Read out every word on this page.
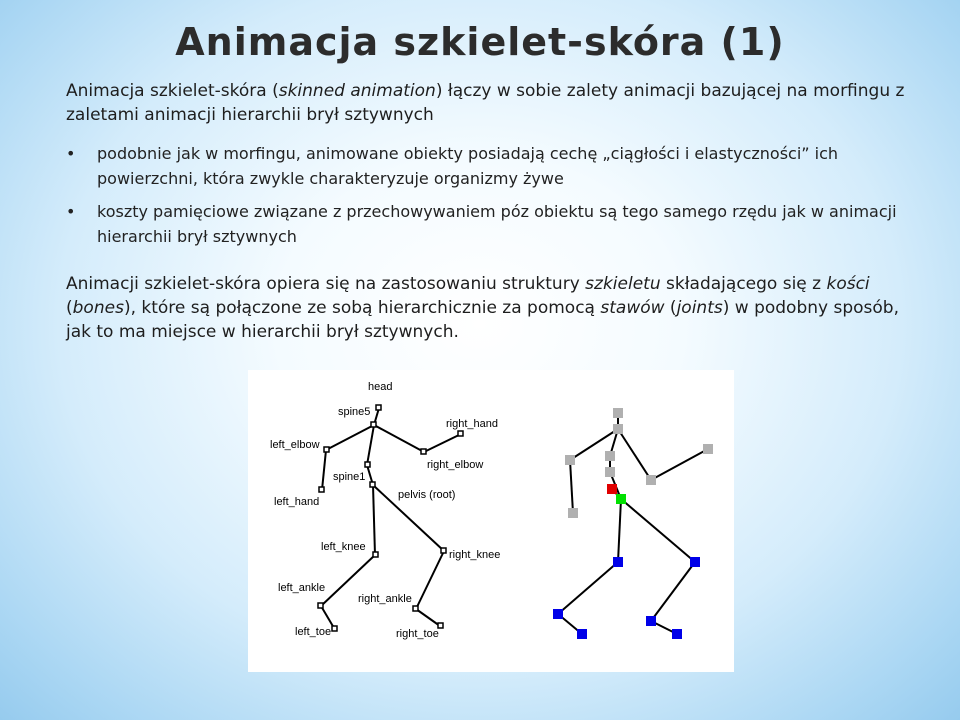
Animacja szkielet-skóra (1)
Animacja szkielet-skóra (skinned animation) łączy w sobie zalety animacji bazującej na morfingu z zaletami animacji hierarchii brył sztywnych
• podobnie jak w morfingu, animowane obiekty posiadają cechę „ciągłości i elastyczności” ich powierzchni, która zwykle charakteryzuje organizmy żywe
• koszty pamięciowe związane z przechowywaniem póz obiektu są tego samego rzędu jak w animacji hierarchii brył sztywnych
Animacji szkielet-skóra opiera się na zastosowaniu struktury szkieletu składającego się z kości (bones), które są połączone ze sobą hierarchicznie za pomocą stawów (joints) w podobny sposób, jak to ma miejsce w hierarchii brył sztywnych.
head
spine5
left_elbow
right_hand
spine1
right_elbow
left_hand
pelvis (root)
left_knee
right_knee
left_ankle
right_ankle
left_toe	right_toe
